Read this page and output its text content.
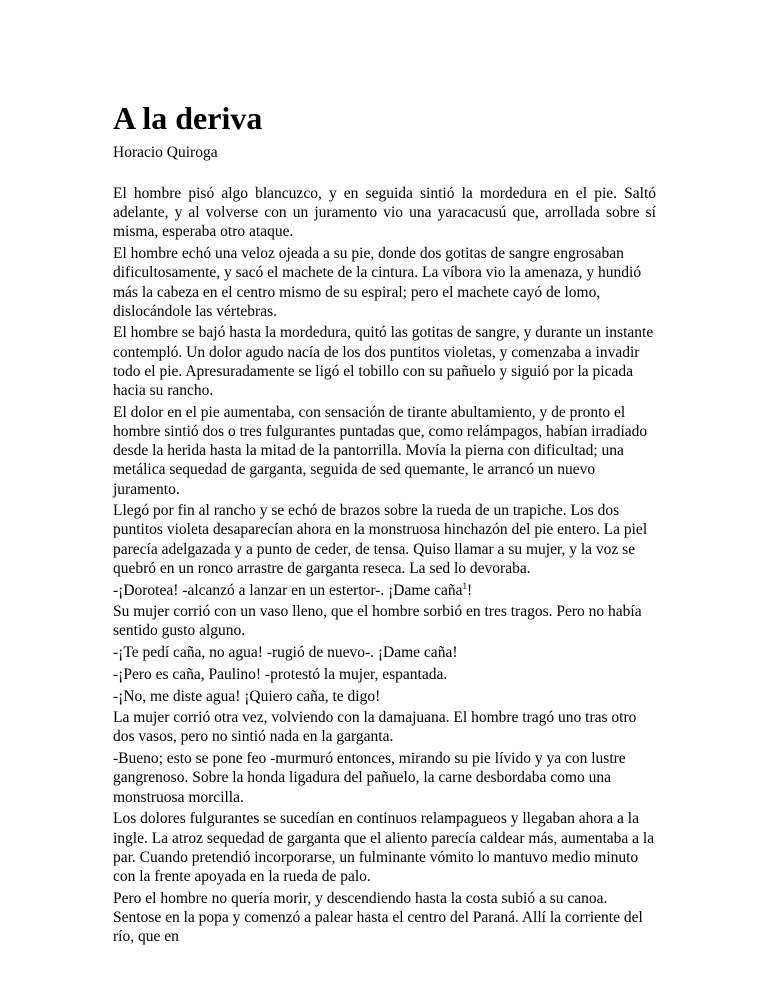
A la deriva

Horacio Quiroga

El hombre pisó algo blancuzco, y en seguida sintió la mordedura en el pie. Saltó adelante, y al volverse con un juramento vio una yaracacusú que, arrollada sobre sí misma, esperaba otro ataque.

El hombre echó una veloz ojeada a su pie, donde dos gotitas de sangre engrosaban dificultosamente, y sacó el machete de la cintura. La víbora vio la amenaza, y hundió más la cabeza en el centro mismo de su espiral; pero el machete cayó de lomo, dislocándole las vértebras.

El hombre se bajó hasta la mordedura, quitó las gotitas de sangre, y durante un instante contempló. Un dolor agudo nacía de los dos puntitos violetas, y comenzaba a invadir todo el pie. Apresuradamente se ligó el tobillo con su pañuelo y siguió por la picada hacia su rancho.

El dolor en el pie aumentaba, con sensación de tirante abultamiento, y de pronto el hombre sintió dos o tres fulgurantes puntadas que, como relámpagos, habían irradiado desde la herida hasta la mitad de la pantorrilla. Movía la pierna con dificultad; una metálica sequedad de garganta, seguida de sed quemante, le arrancó un nuevo juramento.

Llegó por fin al rancho y se echó de brazos sobre la rueda de un trapiche. Los dos puntitos violeta desaparecían ahora en la monstruosa hinchazón del pie entero. La piel parecía adelgazada y a punto de ceder, de tensa. Quiso llamar a su mujer, y la voz se quebró en un ronco arrastre de garganta reseca. La sed lo devoraba.

-¡Dorotea! -alcanzó a lanzar en un estertor-. ¡Dame caña$^1$!

Su mujer corrió con un vaso lleno, que el hombre sorbió en tres tragos. Pero no había sentido gusto alguno.

-¡Te pedí caña, no agua! -rugió de nuevo-. ¡Dame caña!

-¡Pero es caña, Paulino! -protestó la mujer, espantada.

-¡No, me diste agua! ¡Quiero caña, te digo!

La mujer corrió otra vez, volviendo con la damajuana. El hombre tragó uno tras otro dos vasos, pero no sintió nada en la garganta.

-Bueno; esto se pone feo -murmuró entonces, mirando su pie lívido y ya con lustre gangrenoso. Sobre la honda ligadura del pañuelo, la carne desbordaba como una monstruosa morcilla.

Los dolores fulgurantes se sucedían en continuos relampagueos y llegaban ahora a la ingle. La atroz sequedad de garganta que el aliento parecía caldear más, aumentaba a la par. Cuando pretendió incorporarse, un fulminante vómito lo mantuvo medio minuto con la frente apoyada en la rueda de palo.

Pero el hombre no quería morir, y descendiendo hasta la costa subió a su canoa. Sentose en la popa y comenzó a palear hasta el centro del Paraná. Allí la corriente del río, que en
